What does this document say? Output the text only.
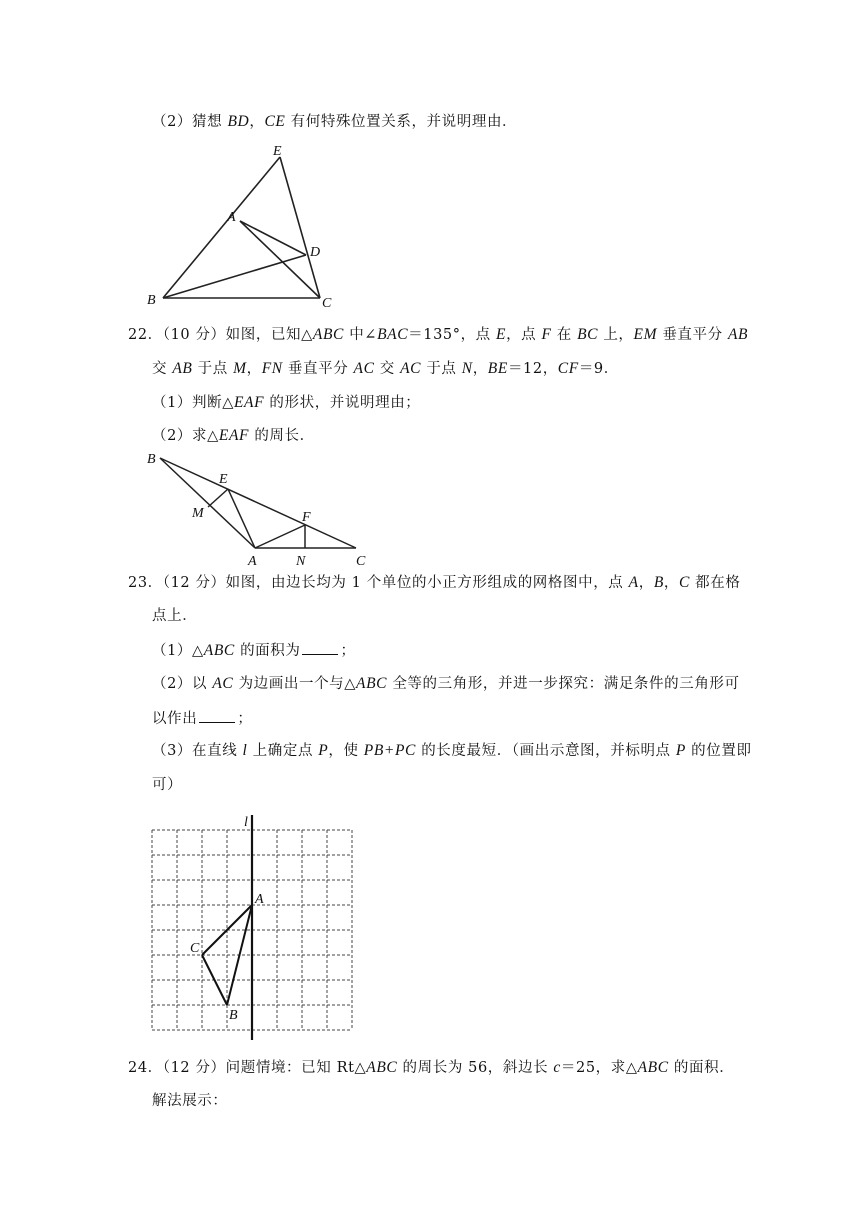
（2）猜想 BD，CE 有何特殊位置关系，并说明理由．
E
A
D
B	C
22．（10 分）如图，已知△ABC 中∠BAC＝135°，点 E，点 F 在 BC 上，EM 垂直平分 AB
交 AB 于点 M，FN 垂直平分 AC 交 AC 于点 N，BE＝12，CF＝9．
（1）判断△EAF 的形状，并说明理由；
（2）求△EAF 的周长．
B
E
M	F
A	N	C
23．（12 分）如图，由边长均为 1 个单位的小正方形组成的网格图中，点 A，B，C 都在格
点上．
（1）△ABC 的面积为	；
（2）以 AC 为边画出一个与△ABC 全等的三角形，并进一步探究：满足条件的三角形可
以作出	；
（3）在直线 l 上确定点 P，使 PB+PC 的长度最短．（画出示意图，并标明点 P 的位置即
可）
l
A
C
B
24．（12 分）问题情境：已知 Rt△ABC 的周长为 56，斜边长 c＝25，求△ABC 的面积．
解法展示：
